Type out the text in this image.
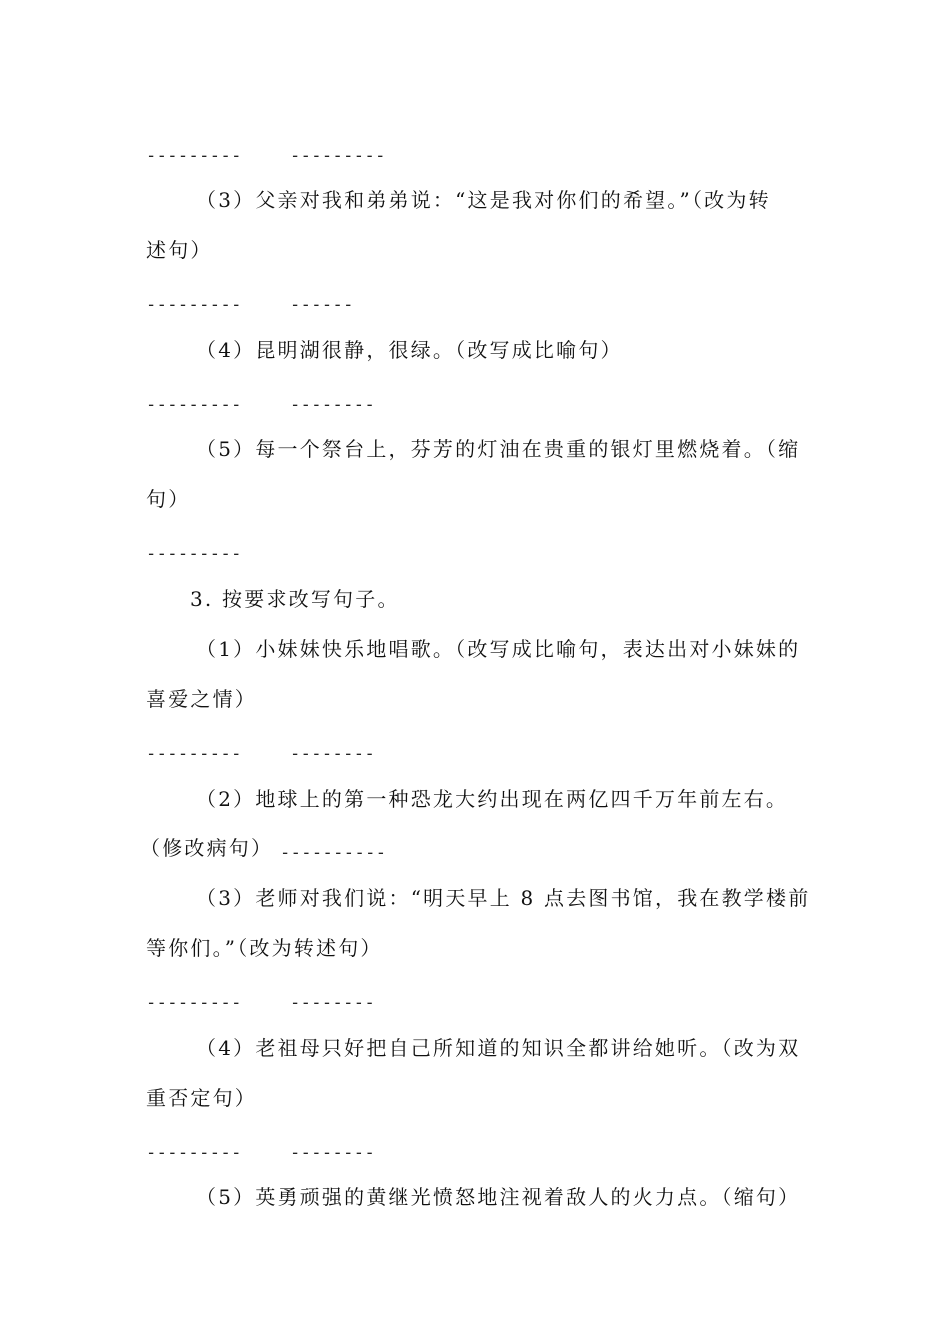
---------	---------
（3）父亲对我和弟弟说：“这是我对你们的希望。”（改为转
述句）
---------	------
（4）昆明湖很静，很绿。（改写成比喻句）
---------	--------
（5）每一个祭台上，芬芳的灯油在贵重的银灯里燃烧着。（缩
句）
---------
3. 按要求改写句子。
（1）小妹妹快乐地唱歌。（改写成比喻句，表达出对小妹妹的
喜爱之情）
---------	--------
（2）地球上的第一种恐龙大约出现在两亿四千万年前左右。
（修改病句） ----------
（3）老师对我们说：“明天早上 8 点去图书馆，我在教学楼前
等你们。”（改为转述句）
---------	--------
（4）老祖母只好把自己所知道的知识全都讲给她听。（改为双
重否定句）
---------	--------
（5）英勇顽强的黄继光愤怒地注视着敌人的火力点。（缩句）
